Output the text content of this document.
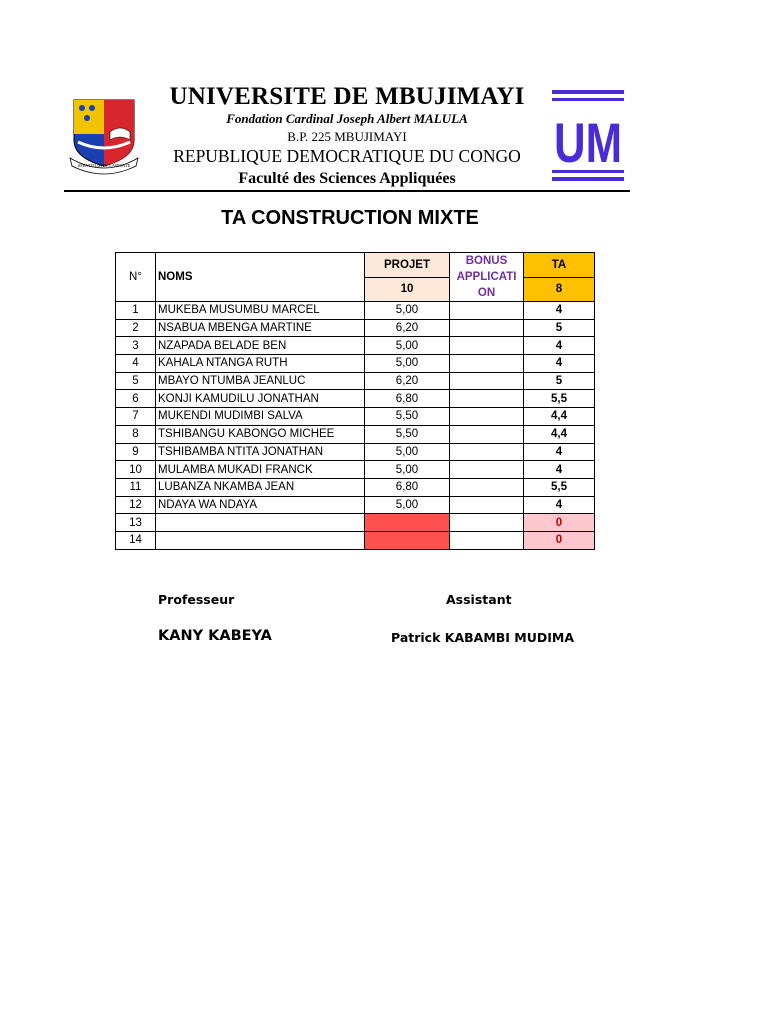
SERVITIUM IN CARITATE
UNIVERSITE DE MBUJIMAYI
Fondation Cardinal Joseph Albert MALULA
B.P. 225 MBUJIMAYI
REPUBLIQUE DEMOCRATIQUE DU CONGO
Faculté des Sciences Appliquées
UM
TA CONSTRUCTION MIXTE
N°	NOMS	PROJET	BONUS APPLICATI ON	TA
		10		8
1	MUKEBA MUSUMBU MARCEL	5,00		4
2	NSABUA MBENGA MARTINE	6,20		5
3	NZAPADA BELADE BEN	5,00		4
4	KAHALA NTANGA RUTH	5,00		4
5	MBAYO NTUMBA JEANLUC	6,20		5
6	KONJI KAMUDILU JONATHAN	6,80		5,5
7	MUKENDI MUDIMBI SALVA	5,50		4,4
8	TSHIBANGU KABONGO MICHEE	5,50		4,4
9	TSHIBAMBA NTITA JONATHAN	5,00		4
10	MULAMBA MUKADI FRANCK	5,00		4
11	LUBANZA NKAMBA JEAN	6,80		5,5
12	NDAYA WA NDAYA	5,00		4
13				0
14				0
Professeur	Assistant
KANY KABEYA	Patrick KABAMBI MUDIMA
